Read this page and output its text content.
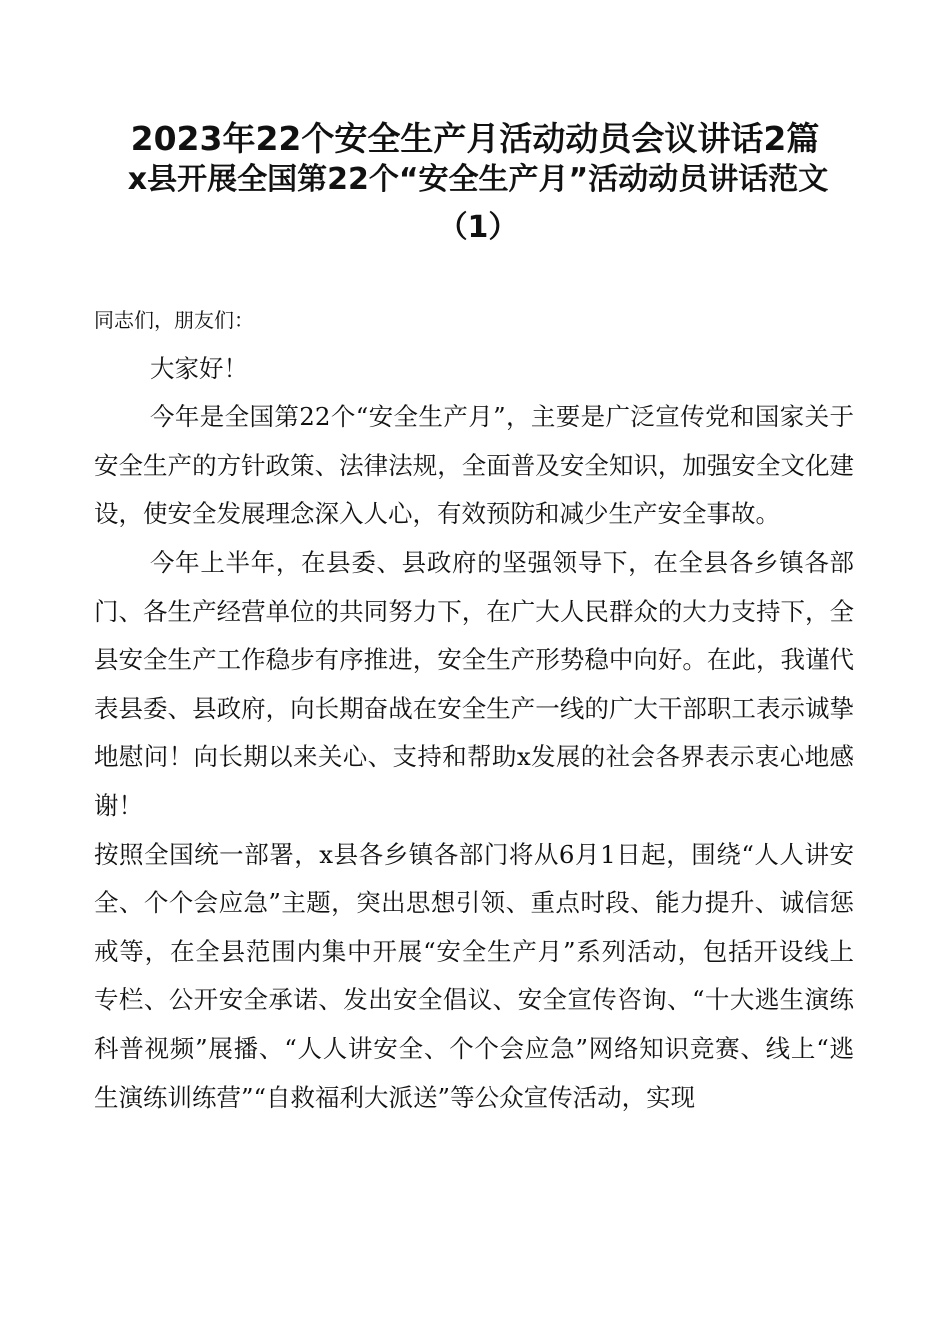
2023年22个安全生产月活动动员会议讲话2篇
x县开展全国第22个“安全生产月”活动动员讲话范文（1）

同志们，朋友们：

大家好！

今年是全国第22个“安全生产月”，主要是广泛宣传党和国家关于安全生产的方针政策、法律法规，全面普及安全知识，加强安全文化建设，使安全发展理念深入人心，有效预防和减少生产安全事故。

今年上半年，在县委、县政府的坚强领导下，在全县各乡镇各部门、各生产经营单位的共同努力下，在广大人民群众的大力支持下，全县安全生产工作稳步有序推进，安全生产形势稳中向好。在此，我谨代表县委、县政府，向长期奋战在安全生产一线的广大干部职工表示诚挚地慰问！向长期以来关心、支持和帮助x发展的社会各界表示衷心地感谢！

按照全国统一部署，x县各乡镇各部门将从6月1日起，围绕“人人讲安全、个个会应急”主题，突出思想引领、重点时段、能力提升、诚信惩戒等，在全县范围内集中开展“安全生产月”系列活动，包括开设线上专栏、公开安全承诺、发出安全倡议、安全宣传咨询、“十大逃生演练科普视频”展播、“人人讲安全、个个会应急”网络知识竞赛、线上“逃生演练训练营”“自救福利大派送”等公众宣传活动，实现
